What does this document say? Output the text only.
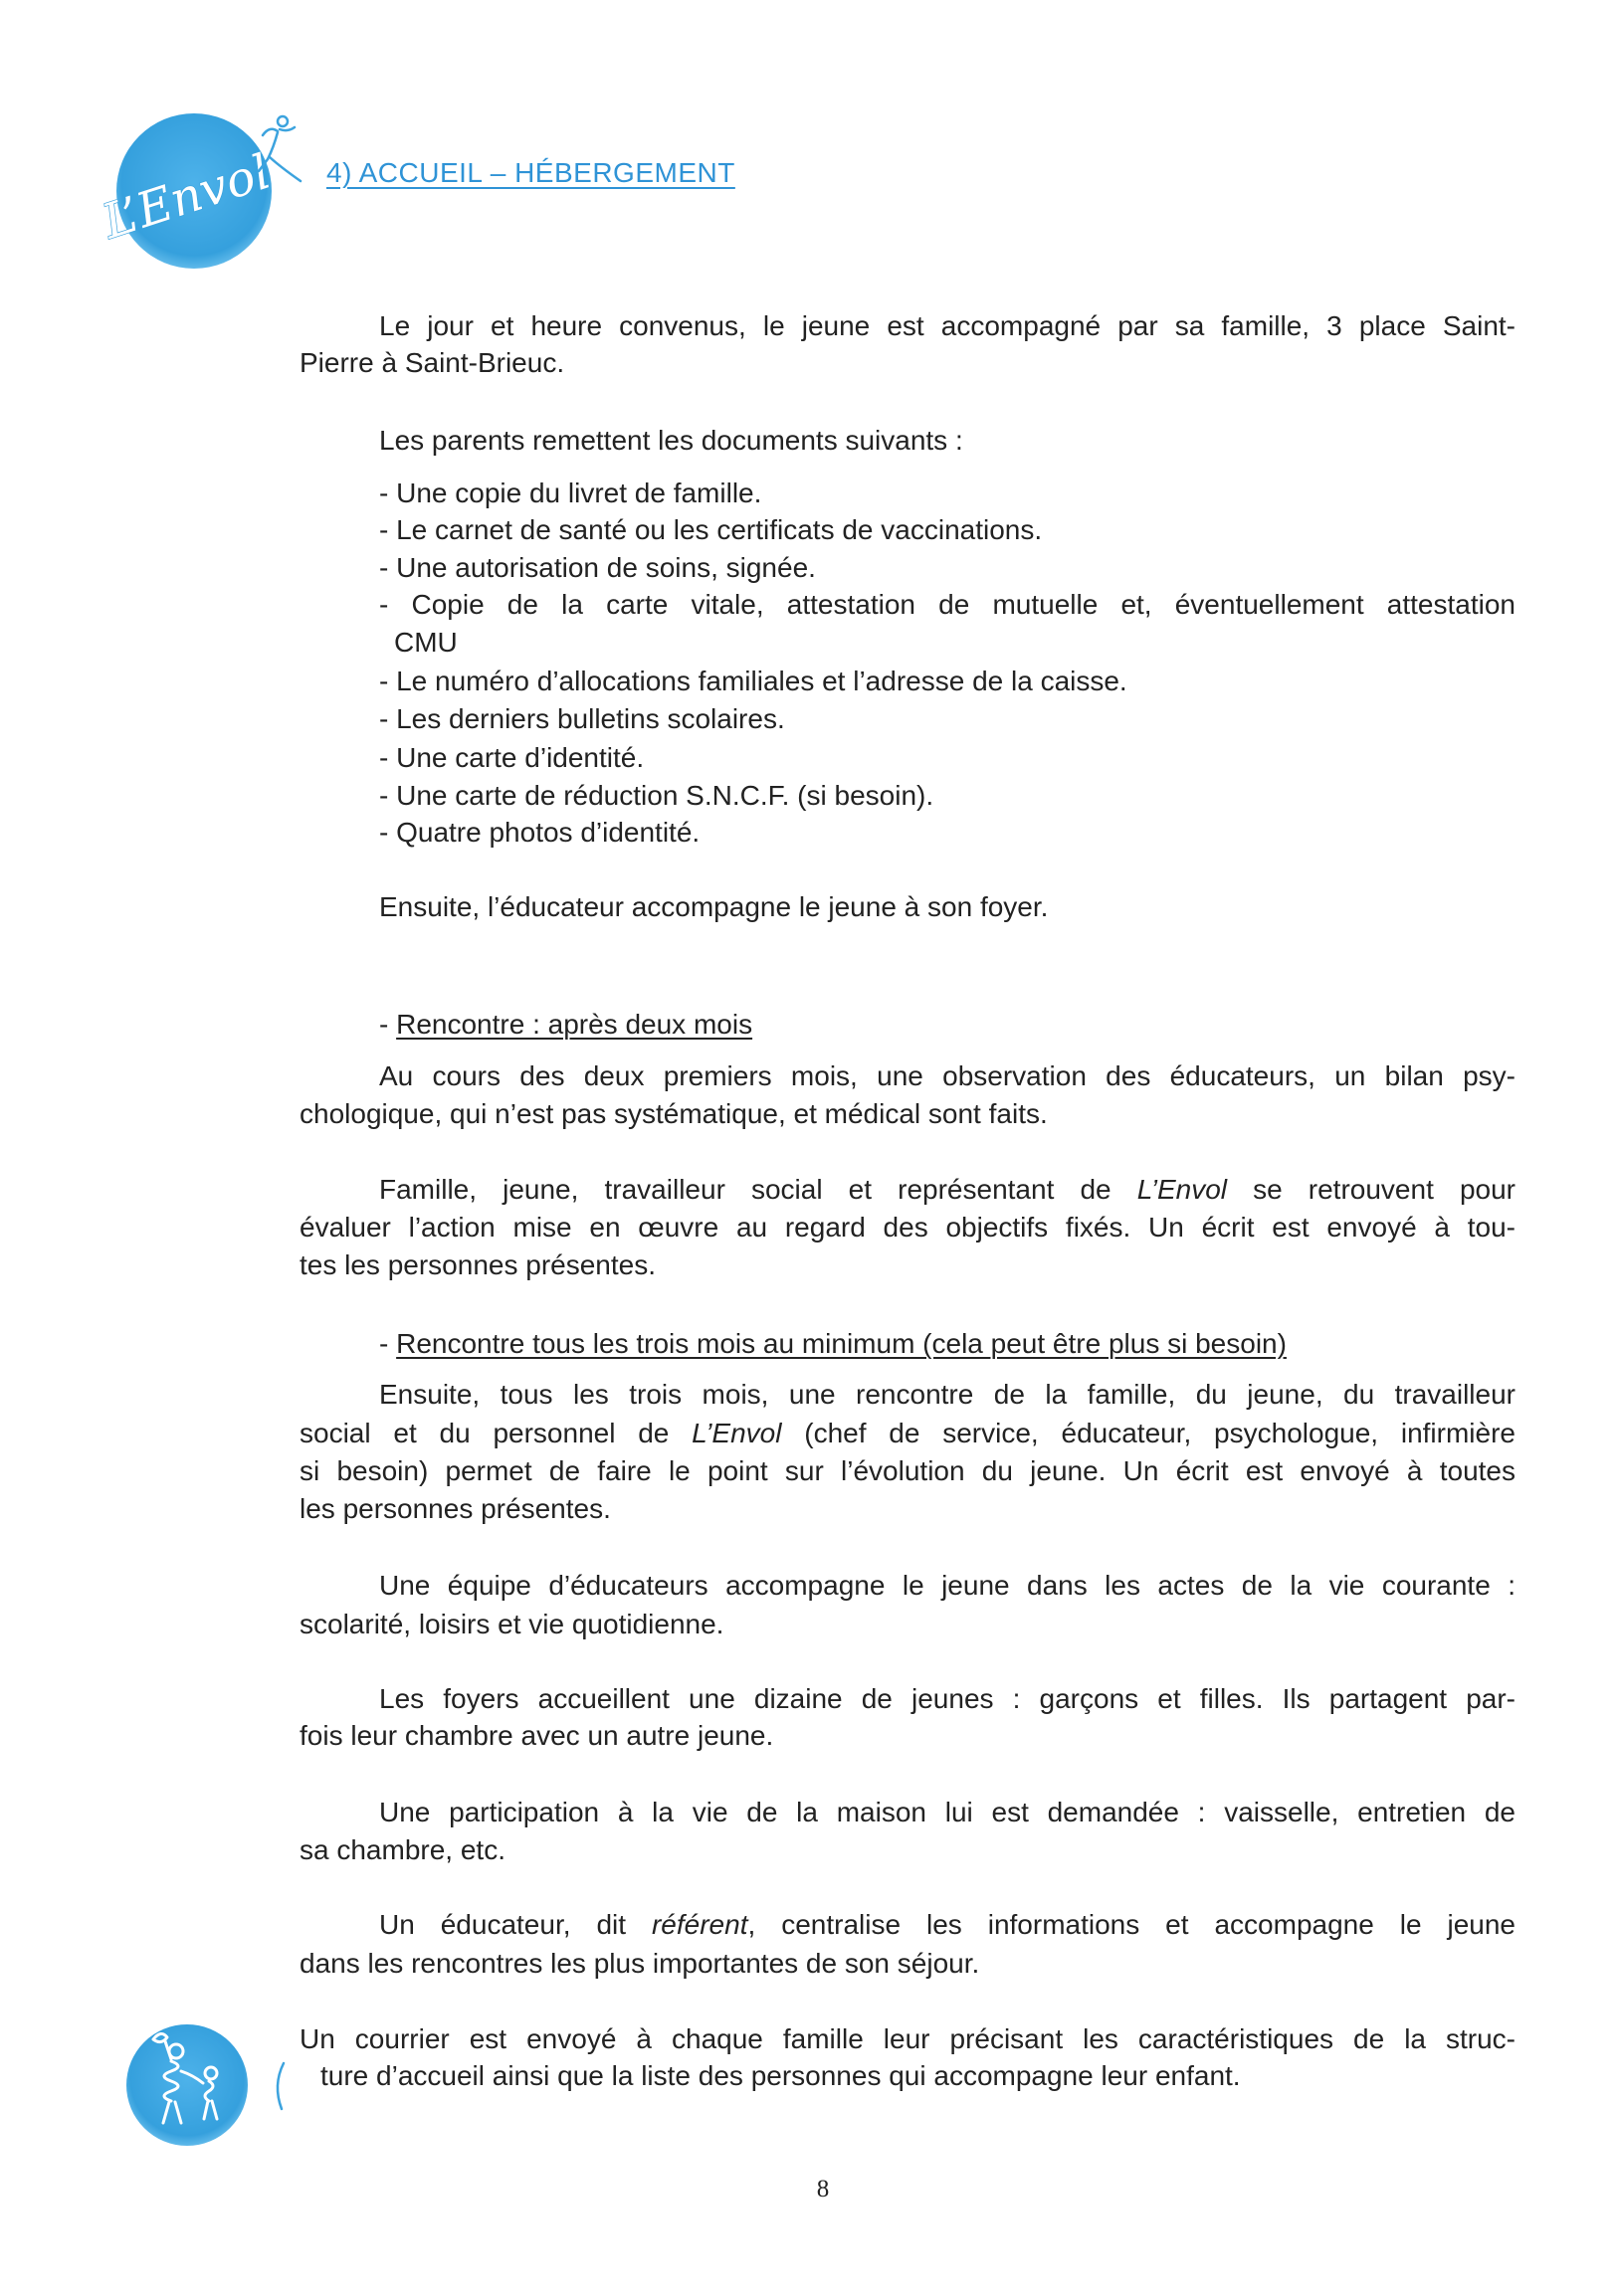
L’Envol 4) ACCUEIL – HÉBERGEMENT
Le jour et heure convenus, le jeune est accompagné par sa famille, 3 place Saint-
Pierre à Saint-Brieuc.
Les parents remettent les documents suivants :
- Une copie du livret de famille.
- Le carnet de santé ou les certificats de vaccinations.
- Une autorisation de soins, signée.
- Copie de la carte vitale, attestation de mutuelle et, éventuellement attestation
CMU
- Le numéro d’allocations familiales et l’adresse de la caisse.
- Les derniers bulletins scolaires.
- Une carte d’identité.
- Une carte de réduction S.N.C.F. (si besoin).
- Quatre photos d’identité.
Ensuite, l’éducateur accompagne le jeune à son foyer.
- Rencontre : après deux mois
Au cours des deux premiers mois, une observation des éducateurs, un bilan psy-
chologique, qui n’est pas systématique, et médical sont faits.
Famille, jeune, travailleur social et représentant de L’Envol se retrouvent pour
évaluer l’action mise en œuvre au regard des objectifs fixés. Un écrit est envoyé à tou-
tes les personnes présentes.
- Rencontre tous les trois mois au minimum (cela peut être plus si besoin)
Ensuite, tous les trois mois, une rencontre de la famille, du jeune, du travailleur
social et du personnel de L’Envol (chef de service, éducateur, psychologue, infirmière
si besoin) permet de faire le point sur l’évolution du jeune. Un écrit est envoyé à toutes
les personnes présentes.
Une équipe d’éducateurs accompagne le jeune dans les actes de la vie courante :
scolarité, loisirs et vie quotidienne.
Les foyers accueillent une dizaine de jeunes : garçons et filles. Ils partagent par-
fois leur chambre avec un autre jeune.
Une participation à la vie de la maison lui est demandée : vaisselle, entretien de
sa chambre, etc.
Un éducateur, dit référent, centralise les informations et accompagne le jeune
dans les rencontres les plus importantes de son séjour.
Un courrier est envoyé à chaque famille leur précisant les caractéristiques de la struc-
ture d’accueil ainsi que la liste des personnes qui accompagne leur enfant.
8
